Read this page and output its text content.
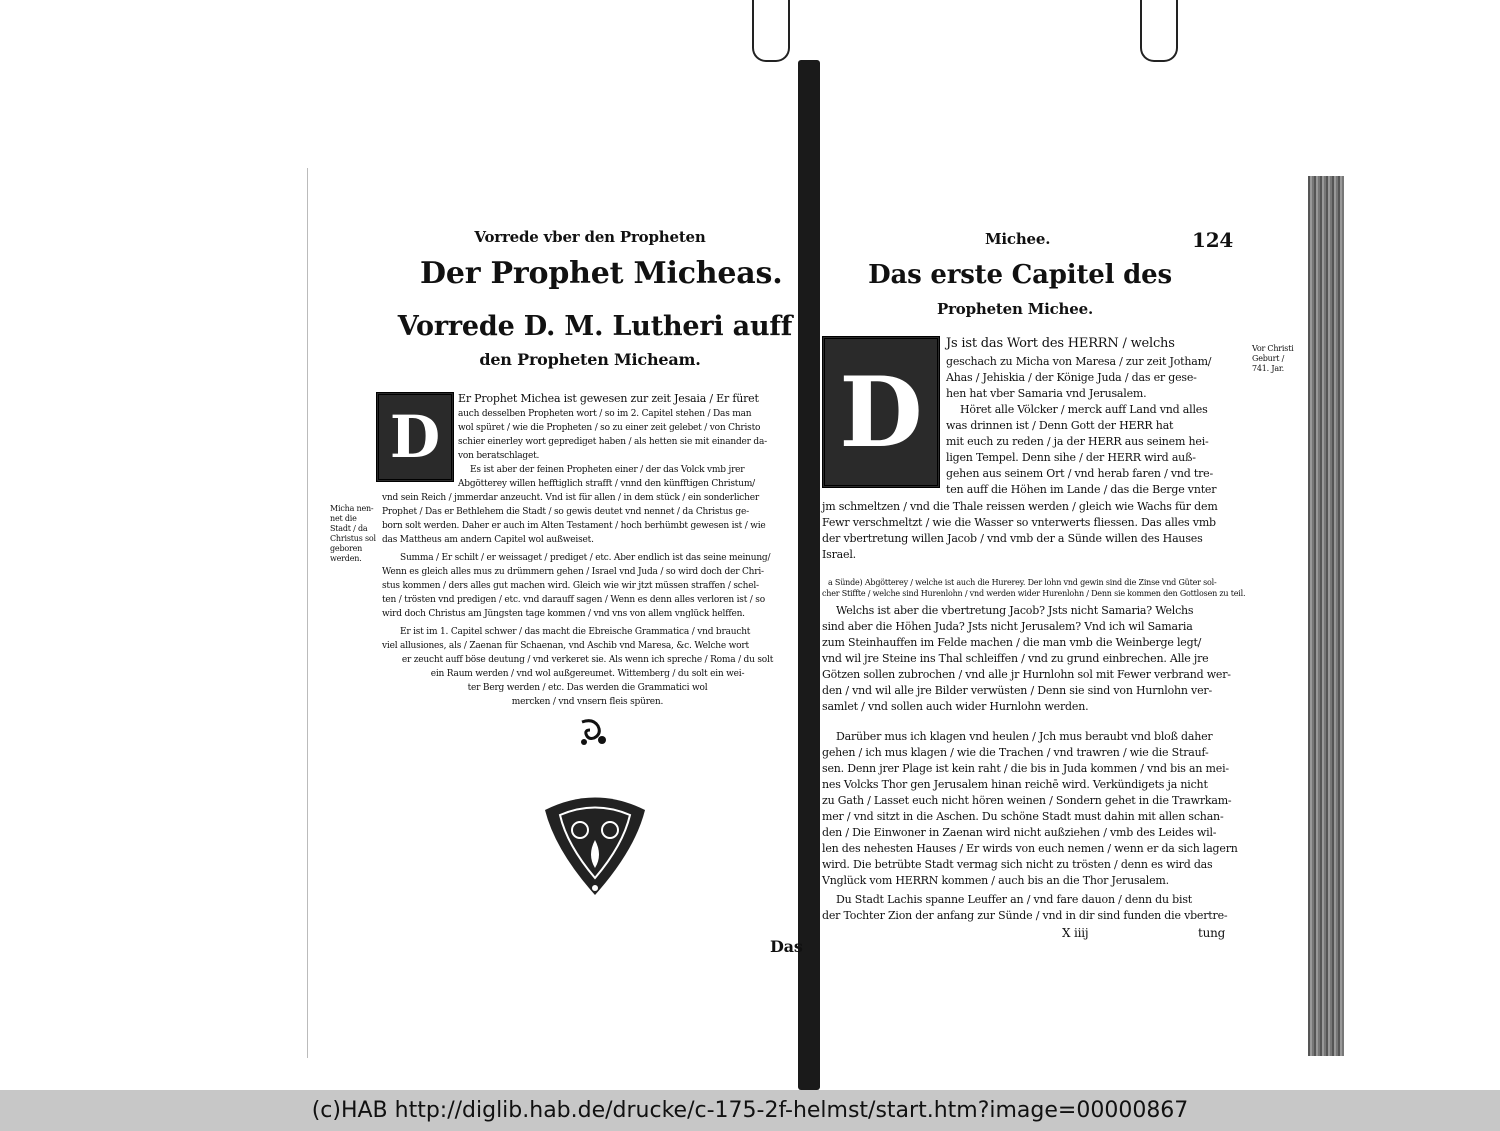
Vorrede vber den Propheten
Der Prophet Micheas.
Vorrede D. M. Lutheri auff
den Propheten Micheam.
D
Er Prophet Michea ist gewesen zur zeit Jesaia / Er füret
auch desselben Propheten wort / so im 2. Capitel stehen / Das man
wol spüret / wie die Propheten / so zu einer zeit gelebet / von Christo
schier einerley wort geprediget haben / als hetten sie mit einander da-
von beratschlaget.
Es ist aber der feinen Propheten einer / der das Volck vmb jrer
Abgötterey willen hefftiglich strafft / vnnd den künfftigen Christum/
vnd sein Reich / jmmerdar anzeucht. Vnd ist für allen / in dem stück / ein sonderlicher
Prophet / Das er Bethlehem die Stadt / so gewis deutet vnd nennet / da Christus ge-
born solt werden. Daher er auch im Alten Testament / hoch berhümbt gewesen ist / wie
das Mattheus am andern Capitel wol außweiset.
Micha nen-
net die
Stadt / da
Christus sol
geboren
werden.	Summa / Er schilt / er weissaget / prediget / etc. Aber endlich ist das seine meinung/
Wenn es gleich alles mus zu drümmern gehen / Israel vnd Juda / so wird doch der Chri-
stus kommen / ders alles gut machen wird. Gleich wie wir jtzt müssen straffen / schel-
ten / trösten vnd predigen / etc. vnd darauff sagen / Wenn es denn alles verloren ist / so
wird doch Christus am Jüngsten tage kommen / vnd vns von allem vnglück helffen.
Er ist im 1. Capitel schwer / das macht die Ebreische Grammatica / vnd braucht
viel allusiones, als / Zaenan für Schaenan, vnd Aschib vnd Maresa, &c. Welche wort
er zeucht auff böse deutung / vnd verkeret sie. Als wenn ich spreche / Roma / du solt
ein Raum werden / vnd wol außgereumet. Wittemberg / du solt ein wei-
ter Berg werden / etc. Das werden die Grammatici wol
mercken / vnd vnsern fleis spüren.
Das
Michee.	124
Das erste Capitel des
Propheten Michee.
D
Vor Christi
Geburt /
741. Jar.
Js ist das Wort des HERRN / welchs
geschach zu Micha von Maresa / zur zeit Jotham/
Ahas / Jehiskia / der Könige Juda / das er gese-
hen hat vber Samaria vnd Jerusalem.
Höret alle Völcker / merck auff Land vnd alles
was drinnen ist / Denn Gott der HERR hat
mit euch zu reden / ja der HERR aus seinem hei-
ligen Tempel. Denn sihe / der HERR wird auß-
gehen aus seinem Ort / vnd herab faren / vnd tre-
ten auff die Höhen im Lande / das die Berge vnter
jm schmeltzen / vnd die Thale reissen werden / gleich wie Wachs für dem
Fewr verschmeltzt / wie die Wasser so vnterwerts fliessen. Das alles vmb
der vbertretung willen Jacob / vnd vmb der a Sünde willen des Hauses
Israel.
a Sünde) Abgötterey / welche ist auch die Hurerey. Der lohn vnd gewin sind die Zinse vnd Güter sol-
cher Stiffte / welche sind Hurenlohn / vnd werden wider Hurenlohn / Denn sie kommen den Gottlosen zu teil.
Welchs ist aber die vbertretung Jacob? Jsts nicht Samaria? Welchs
sind aber die Höhen Juda? Jsts nicht Jerusalem? Vnd ich wil Samaria
zum Steinhauffen im Felde machen / die man vmb die Weinberge legt/
vnd wil jre Steine ins Thal schleiffen / vnd zu grund einbrechen. Alle jre
Götzen sollen zubrochen / vnd alle jr Hurnlohn sol mit Fewer verbrand wer-
den / vnd wil alle jre Bilder verwüsten / Denn sie sind von Hurnlohn ver-
samlet / vnd sollen auch wider Hurnlohn werden.
Darüber mus ich klagen vnd heulen / Jch mus beraubt vnd bloß daher
gehen / ich mus klagen / wie die Trachen / vnd trawren / wie die Strauf-
sen. Denn jrer Plage ist kein raht / die bis in Juda kommen / vnd bis an mei-
nes Volcks Thor gen Jerusalem hinan reichē wird. Verkündigets ja nicht
zu Gath / Lasset euch nicht hören weinen / Sondern gehet in die Trawrkam-
mer / vnd sitzt in die Aschen. Du schöne Stadt must dahin mit allen schan-
den / Die Einwoner in Zaenan wird nicht außziehen / vmb des Leides wil-
len des nehesten Hauses / Er wirds von euch nemen / wenn er da sich lagern
wird. Die betrübte Stadt vermag sich nicht zu trösten / denn es wird das
Vnglück vom HERRN kommen / auch bis an die Thor Jerusalem.
Du Stadt Lachis spanne Leuffer an / vnd fare dauon / denn du bist
der Tochter Zion der anfang zur Sünde / vnd in dir sind funden die vbertre-
X iiij	tung
(c)HAB http://diglib.hab.de/drucke/c-175-2f-helmst/start.htm?image=00000867
